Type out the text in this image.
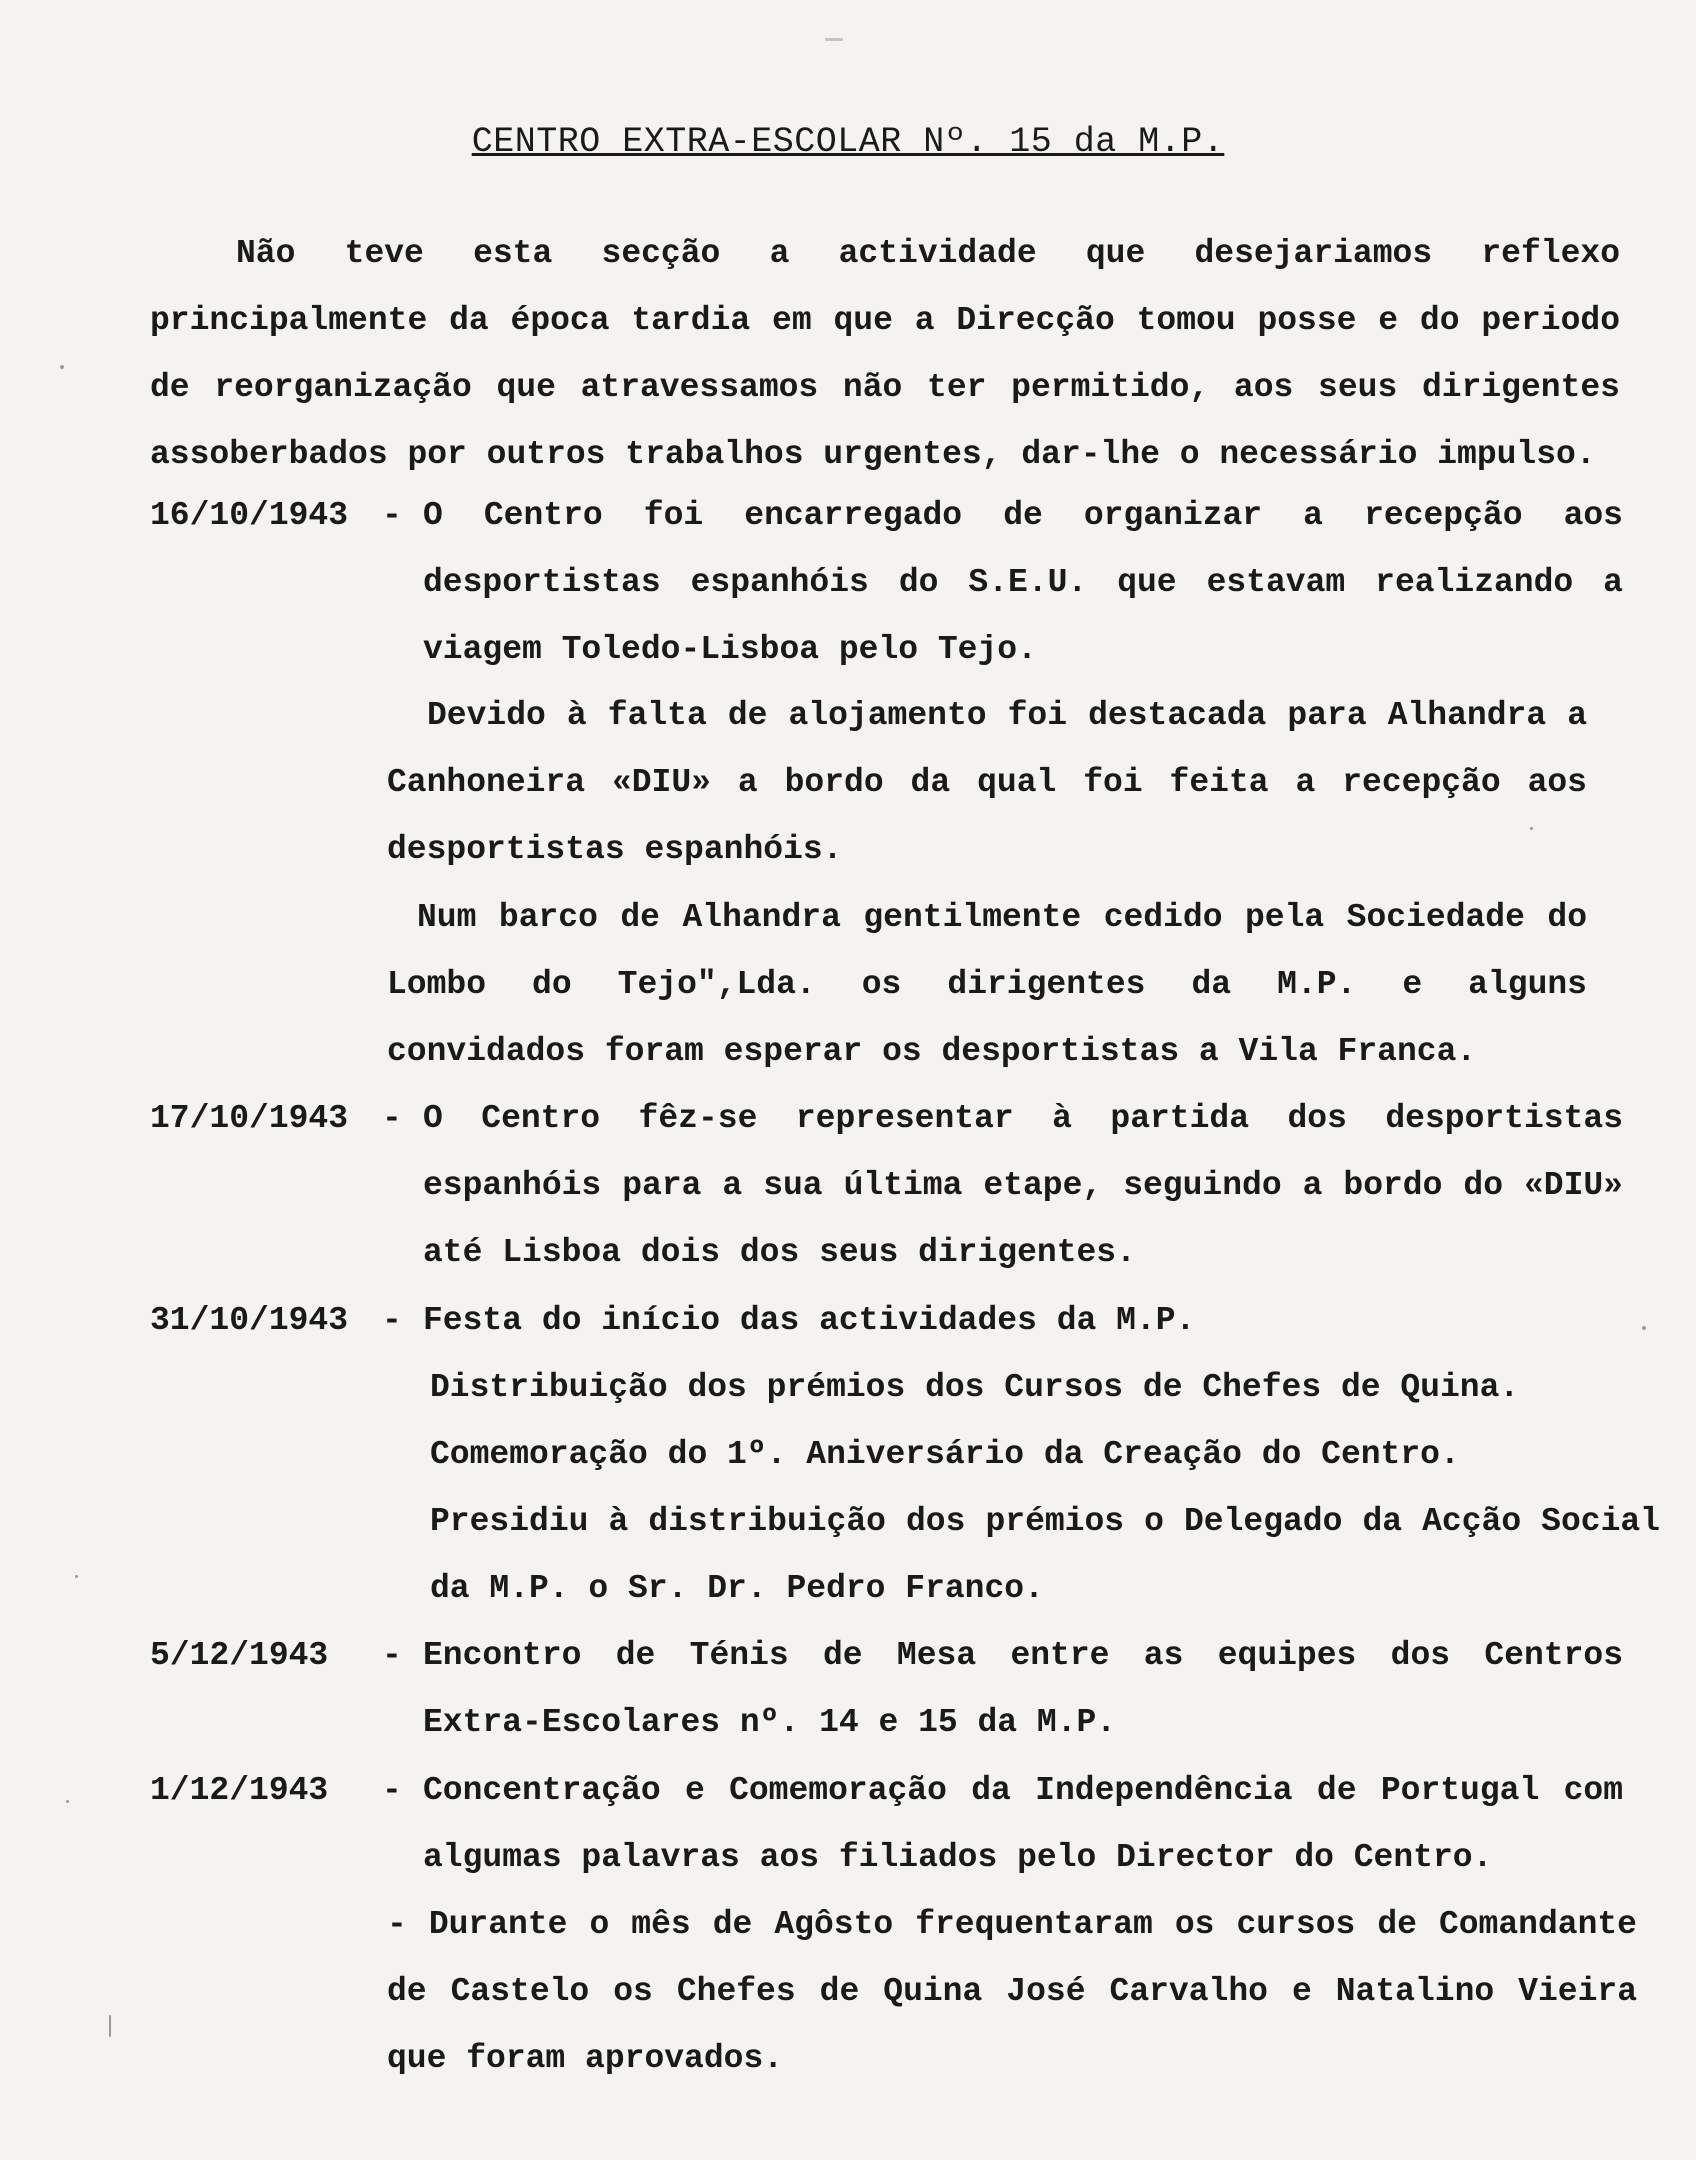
CENTRO EXTRA-ESCOLAR Nº. 15 da M.P.

Não teve esta secção a actividade que desejariamos reflexo principalmente da época tardia em que a Direcção tomou posse e do periodo de reorganização que atravessamos não ter permitido, aos seus dirigentes assoberbados por outros trabalhos urgentes, dar-lhe o necessário impulso.

16/10/1943	- O Centro foi encarregado de organizar a recepção aos desportistas espanhóis do S.E.U. que estavam realizando a viagem Toledo-Lisboa pelo Tejo.

Devido à falta de alojamento foi destacada para Alhandra a Canhoneira «DIU» a bordo da qual foi feita a recepção aos desportistas espanhóis.

Num barco de Alhandra gentilmente cedido pela Sociedade do Lombo do Tejo",Lda. os dirigentes da M.P. e alguns convidados foram esperar os desportistas a Vila Franca.

17/10/1943	- O Centro fêz-se representar à partida dos desportistas espanhóis para a sua última etape, seguindo a bordo do «DIU» até Lisboa dois dos seus dirigentes.

31/10/1943	- Festa do início das actividades da M.P.

Distribuição dos prémios dos Cursos de Chefes de Quina.

Comemoração do 1º. Aniversário da Creação do Centro.

Presidiu à distribuição dos prémios o Delegado da Acção Social da M.P. o Sr. Dr. Pedro Franco.

5/12/1943	- Encontro de Ténis de Mesa entre as equipes dos Centros Extra-Escolares nº. 14 e 15 da M.P.

1/12/1943	- Concentração e Comemoração da Independência de Portugal com algumas palavras aos filiados pelo Director do Centro.

- Durante o mês de Agôsto frequentaram os cursos de Comandante de Castelo os Chefes de Quina José Carvalho e Natalino Vieira que foram aprovados.
